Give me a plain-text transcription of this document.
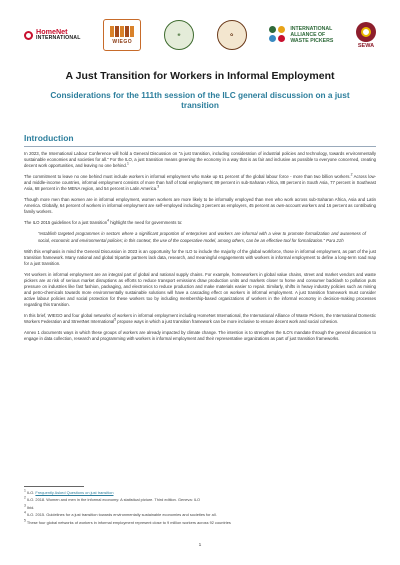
HomeNet
INTERNATIONAL
WIEGO
❀	✿
INTERNATIONAL
ALLIANCE OF
WASTE PICKERS
SEWA
A Just Transition for Workers in Informal Employment
Considerations for the 111th session of the ILC general discussion on a just transition
Introduction

In 2023, the International Labour Conference will hold a General Discussion on "a just transition, including consideration of industrial policies and technology, towards environmentally sustainable economies and societies for all." For the ILO, a just transition means greening the economy in a way that is as fair and inclusive as possible to everyone concerned, creating decent work opportunities, and leaving no one behind.$^1$

The commitment to leave no one behind must include workers in informal employment who make up 61 percent of the global labour force - more than two billion workers.$^2$ Across low- and middle-income countries, informal employment consists of more than half of total employment; 89 percent in sub-Saharan Africa, 88 percent in South Asia, 77 percent in Southeast Asia, 68 percent in the MENA region, and 54 percent in Latin America.$^3$

Though more men than women are in informal employment, women workers are more likely to be informally employed than men who work across sub-Saharan Africa, Asia and Latin America. Globally, 64 percent of workers in informal employment are self-employed including 3 percent as employers, 45 percent as own-account workers and 16 percent as contributing family workers.

The ILO 2015 guidelines for a just transition$^4$ highlight the need for governments to:

"establish targeted programmes in sectors where a significant proportion of enterprises and workers are informal with a view to promote formalization and awareness of social, economic and environmental policies; in this context, the use of the cooperative model, among others, can be an effective tool for formalization." Para 21h

With this emphasis in mind the General Discussion in 2023 is an opportunity for the ILO to include the majority of the global workforce, those in informal employment, as part of the just transition framework. Many national and global tripartite partners lack data, research, and meaningful engagements with workers in informal employment to define a long-term road map for a just transition.

Yet workers in informal employment are an integral part of global and national supply chains. For example, homeworkers in global value chains, street and market vendors and waste pickers are at risk of serious market disruptions as efforts to reduce transport emissions draw production units and markets closer to home and consumer backlash to pollution puts pressure on industries like fast fashion, packaging, and electronics to reduce production and make materials easier to repair. Similarly, shifts in heavy industry policies such as mining and petro-chemicals towards more environmentally sustainable solutions will have a cascading effect on workers in informal employment. A just transition framework must consider active labour policies and social protection for these workers too by including membership-based organizations of workers in the informal economy in decision-making processes regarding this transition.

In this brief, WIEGO and four global networks of workers in informal employment including HomeNet International, the International Alliance of Waste Pickers, the International Domestic Workers Federation and StreetNet International$^5$ propose ways in which a just transition framework can be more inclusive to ensure decent work and social cohesion.

Annex 1 documents ways in which these groups of workers are already impacted by climate change. The intention is to strengthen the ILO's mandate through the general discussion to engage in data collection, research and programming with workers in informal employment and their representative organizations as part of just transition frameworks.

$^1$ ILO. Frequently Asked Questions on just transition
$^2$ ILO. 2018. Women and men in the informal economy: A statistical picture. Third edition. Geneva: ILO
$^3$ Ibid.
$^4$ ILO. 2015. Guidelines for a just transition towards environmentally sustainable economies and societies for all.
$^5$ These four global networks of workers in informal employment represent close to 9 million workers across 92 countries
1
